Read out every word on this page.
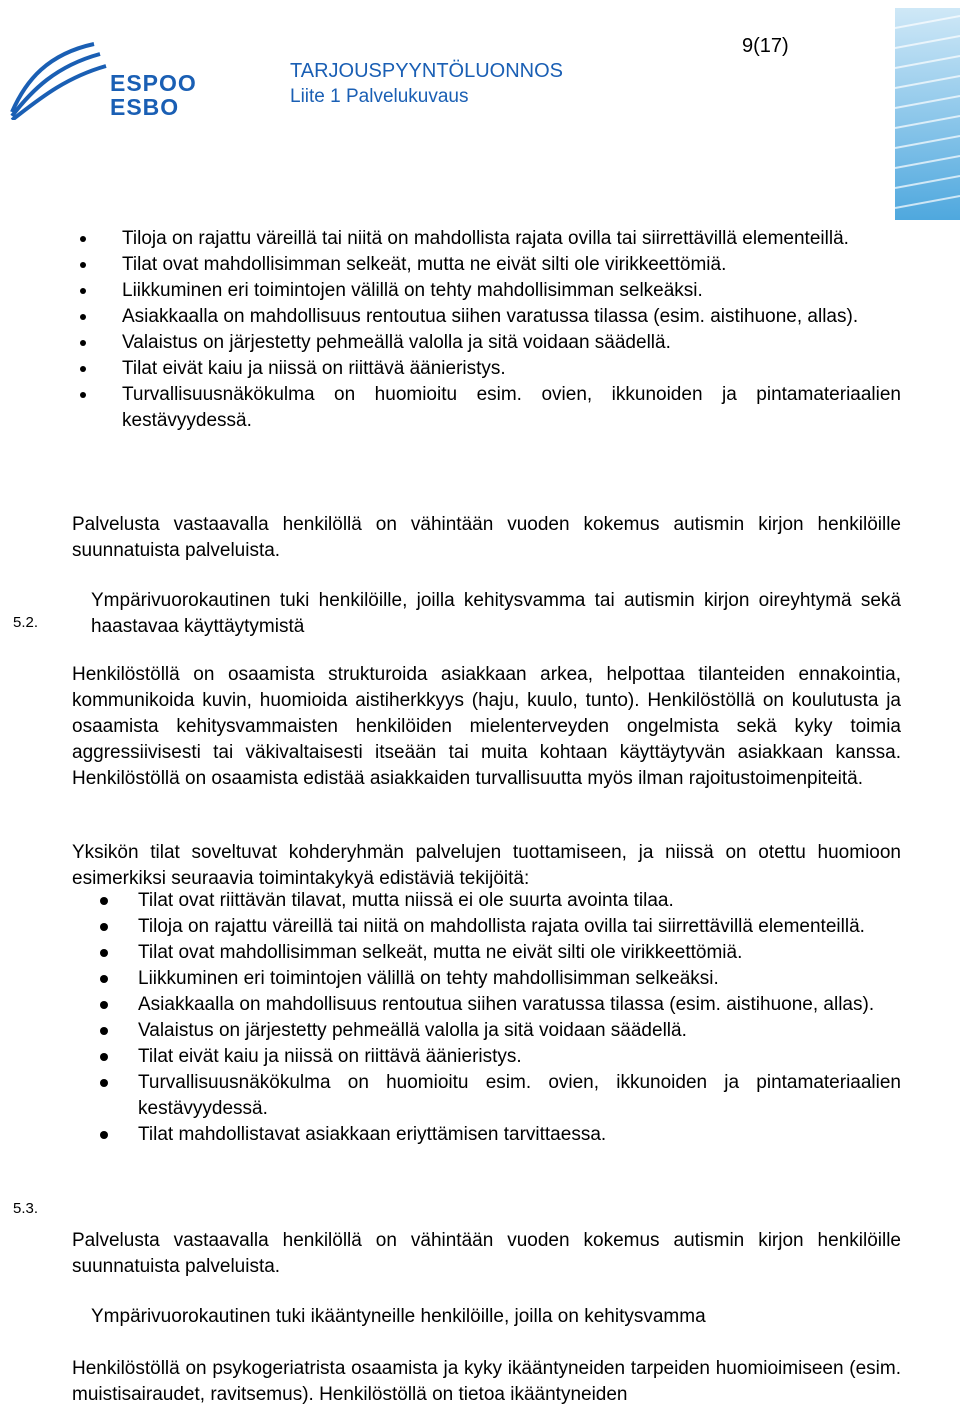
ESPOO
ESBO
TARJOUSPYYNTÖLUONNOS
Liite 1 Palvelukuvaus
9(17)
Tiloja on rajattu väreillä tai niitä on mahdollista rajata ovilla tai siirrettävillä elementeillä.
Tilat ovat mahdollisimman selkeät, mutta ne eivät silti ole virikkeettömiä.
Liikkuminen eri toimintojen välillä on tehty mahdollisimman selkeäksi.
Asiakkaalla on mahdollisuus rentoutua siihen varatussa tilassa (esim. aistihuone, allas).
Valaistus on järjestetty pehmeällä valolla ja sitä voidaan säädellä.
Tilat eivät kaiu ja niissä on riittävä äänieristys.
Turvallisuusnäkökulma on huomioitu esim. ovien, ikkunoiden ja pintamateriaalien kestävyydessä.
Palvelusta vastaavalla henkilöllä on vähintään vuoden kokemus autismin kirjon henkilöille suunnatuista palveluista.
5.2.
Ympärivuorokautinen tuki henkilöille, joilla kehitysvamma tai autismin kirjon oireyhtymä sekä haastavaa käyttäytymistä
Henkilöstöllä on osaamista strukturoida asiakkaan arkea, helpottaa tilanteiden ennakointia, kommunikoida kuvin, huomioida aistiherkkyys (haju, kuulo, tunto). Henkilöstöllä on koulutusta ja osaamista kehitysvammaisten henkilöiden mielenterveyden ongelmista sekä kyky toimia aggressiivisesti tai väkivaltaisesti itseään tai muita kohtaan käyttäytyvän asiakkaan kanssa. Henkilöstöllä on osaamista edistää asiakkaiden turvallisuutta myös ilman rajoitustoimenpiteitä.
Yksikön tilat soveltuvat kohderyhmän palvelujen tuottamiseen, ja niissä on otettu huomioon esimerkiksi seuraavia toimintakykyä edistäviä tekijöitä:
Tilat ovat riittävän tilavat, mutta niissä ei ole suurta avointa tilaa.
Tiloja on rajattu väreillä tai niitä on mahdollista rajata ovilla tai siirrettävillä elementeillä.
Tilat ovat mahdollisimman selkeät, mutta ne eivät silti ole virikkeettömiä.
Liikkuminen eri toimintojen välillä on tehty mahdollisimman selkeäksi.
Asiakkaalla on mahdollisuus rentoutua siihen varatussa tilassa (esim. aistihuone, allas).
Valaistus on järjestetty pehmeällä valolla ja sitä voidaan säädellä.
Tilat eivät kaiu ja niissä on riittävä äänieristys.
Turvallisuusnäkökulma on huomioitu esim. ovien, ikkunoiden ja pintamateriaalien kestävyydessä.
Tilat mahdollistavat asiakkaan eriyttämisen tarvittaessa.
Palvelusta vastaavalla henkilöllä on vähintään vuoden kokemus autismin kirjon henkilöille suunnatuista palveluista.
5.3.
Ympärivuorokautinen tuki ikääntyneille henkilöille, joilla on kehitysvamma
Henkilöstöllä on psykogeriatrista osaamista ja kyky ikääntyneiden tarpeiden huomioimiseen (esim. muistisairaudet, ravitsemus). Henkilöstöllä on tietoa ikääntyneiden
